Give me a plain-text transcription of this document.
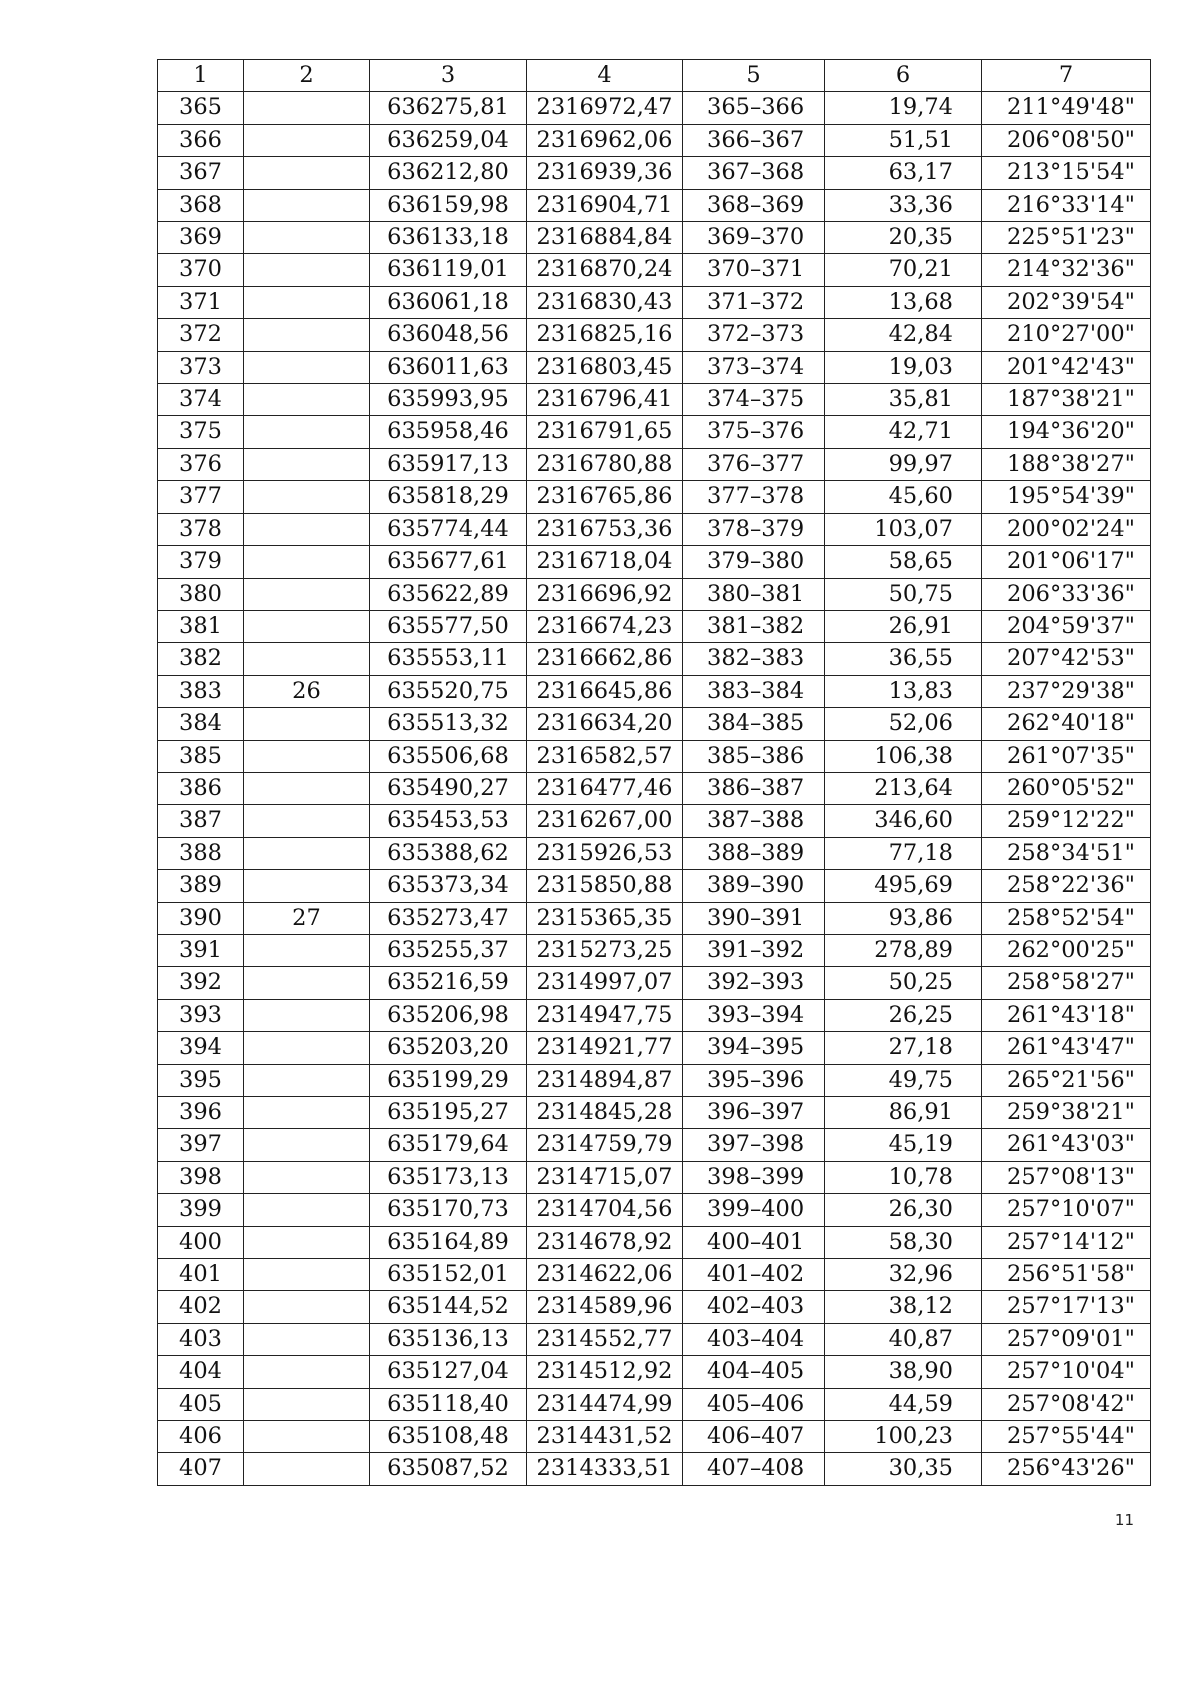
1	2	3	4	5	6	7
365		636275,81	2316972,47	365–366	19,74	211°49'48"
366		636259,04	2316962,06	366–367	51,51	206°08'50"
367		636212,80	2316939,36	367–368	63,17	213°15'54"
368		636159,98	2316904,71	368–369	33,36	216°33'14"
369		636133,18	2316884,84	369–370	20,35	225°51'23"
370		636119,01	2316870,24	370–371	70,21	214°32'36"
371		636061,18	2316830,43	371–372	13,68	202°39'54"
372		636048,56	2316825,16	372–373	42,84	210°27'00"
373		636011,63	2316803,45	373–374	19,03	201°42'43"
374		635993,95	2316796,41	374–375	35,81	187°38'21"
375		635958,46	2316791,65	375–376	42,71	194°36'20"
376		635917,13	2316780,88	376–377	99,97	188°38'27"
377		635818,29	2316765,86	377–378	45,60	195°54'39"
378		635774,44	2316753,36	378–379	103,07	200°02'24"
379		635677,61	2316718,04	379–380	58,65	201°06'17"
380		635622,89	2316696,92	380–381	50,75	206°33'36"
381		635577,50	2316674,23	381–382	26,91	204°59'37"
382		635553,11	2316662,86	382–383	36,55	207°42'53"
383	26	635520,75	2316645,86	383–384	13,83	237°29'38"
384		635513,32	2316634,20	384–385	52,06	262°40'18"
385		635506,68	2316582,57	385–386	106,38	261°07'35"
386		635490,27	2316477,46	386–387	213,64	260°05'52"
387		635453,53	2316267,00	387–388	346,60	259°12'22"
388		635388,62	2315926,53	388–389	77,18	258°34'51"
389		635373,34	2315850,88	389–390	495,69	258°22'36"
390	27	635273,47	2315365,35	390–391	93,86	258°52'54"
391		635255,37	2315273,25	391–392	278,89	262°00'25"
392		635216,59	2314997,07	392–393	50,25	258°58'27"
393		635206,98	2314947,75	393–394	26,25	261°43'18"
394		635203,20	2314921,77	394–395	27,18	261°43'47"
395		635199,29	2314894,87	395–396	49,75	265°21'56"
396		635195,27	2314845,28	396–397	86,91	259°38'21"
397		635179,64	2314759,79	397–398	45,19	261°43'03"
398		635173,13	2314715,07	398–399	10,78	257°08'13"
399		635170,73	2314704,56	399–400	26,30	257°10'07"
400		635164,89	2314678,92	400–401	58,30	257°14'12"
401		635152,01	2314622,06	401–402	32,96	256°51'58"
402		635144,52	2314589,96	402–403	38,12	257°17'13"
403		635136,13	2314552,77	403–404	40,87	257°09'01"
404		635127,04	2314512,92	404–405	38,90	257°10'04"
405		635118,40	2314474,99	405–406	44,59	257°08'42"
406		635108,48	2314431,52	406–407	100,23	257°55'44"
407		635087,52	2314333,51	407–408	30,35	256°43'26"
11
